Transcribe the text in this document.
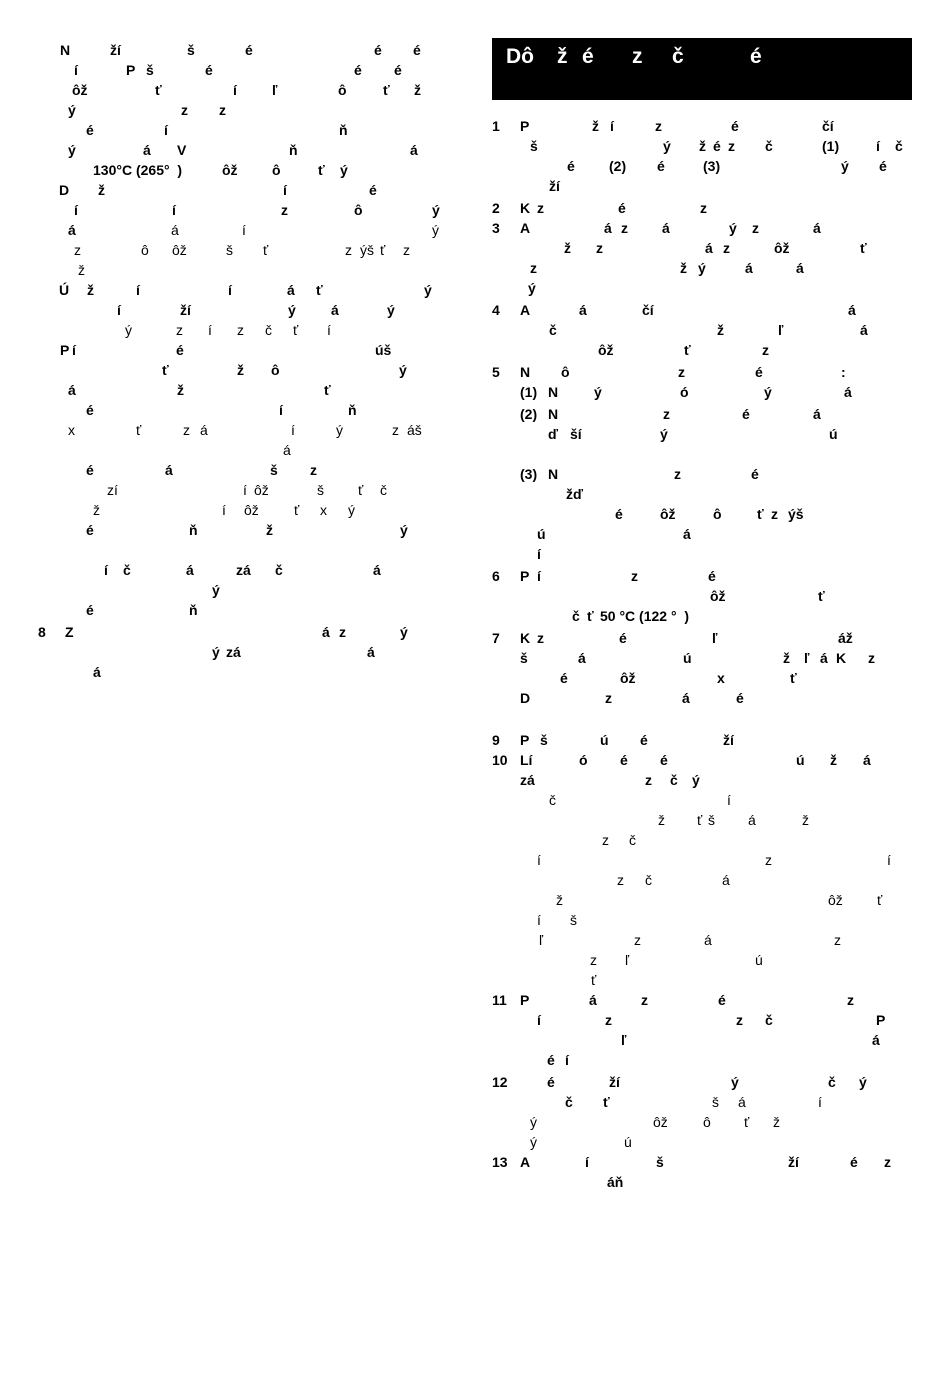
Dô ž é z č	é
N	ží	š	é	é é
í	P š	é	é é
ôž	ť	í	ľ	ô	ť ž
ý	z z
é	í	ň
ý	á V	ň	á
130°C (265°  )	ôž ô	ť ý
D ž	í	é
í	í	z	ô	ý
á	á	í	ý
z	ô ôž	š ť	z ýš ť z
ž
Ú ž	í	í	á ť	ý
í	ží	ý	á	ý
ý	z í z č ť í
P í	é	úš
ť	ž ô	ý
á	ž	ť
é	í	ň
x	ť	z á	í	ý	z áš
á
é	á	š z
zí	í ôž	š ť č
ž	í ôž	ť x ý
é	ň	ž	ý
í č	á	zá č	á
ý
é	ň
8 Z	á z	ý
ý zá	á
á
1 P	ž í	z	é	čí
š	ý ž é z č	(1)	í č
é (2) é	(3)	ý é
ží
2 K z	é	z
3 A	á z á	ý z	á
ž z	á z	ôž	ť
z	ž ý	á	á
ý
4 A	á	čí	á
č	ž	ľ	á
ôž	ť	z
5 N ô	z	é	:
(1) N	ý	ó	ý	á
(2) N	z	é	á
ď ší	ý	ú
(3) N	z	é
žď
é	ôž	ô	ť z ýš
ú	á
í
6 P í	z	é
ôž	ť
č ť 50 °C (122 °  )
7 K z	é	ľ	áž
š	á	ú	ž ľ á K z
é	ôž	x	ť
D	z	á	é
9 P š	ú é	ží
10 Lí	ó é é	ú ž á
zá	z č ý
č	í
ž ť š á	ž
z č
í	z	í
z č	á
ž	ôž ť
í š
ľ	z	á	z
z ľ	ú
ť
11 P	á	z	é	z
í	z	z č	P
ľ	á
é í
12	é	ží	ý	č ý
č ť	š á	í
ý	ôž	ô ť ž
ý	ú
13 A	í	š	ží	é z
áň
